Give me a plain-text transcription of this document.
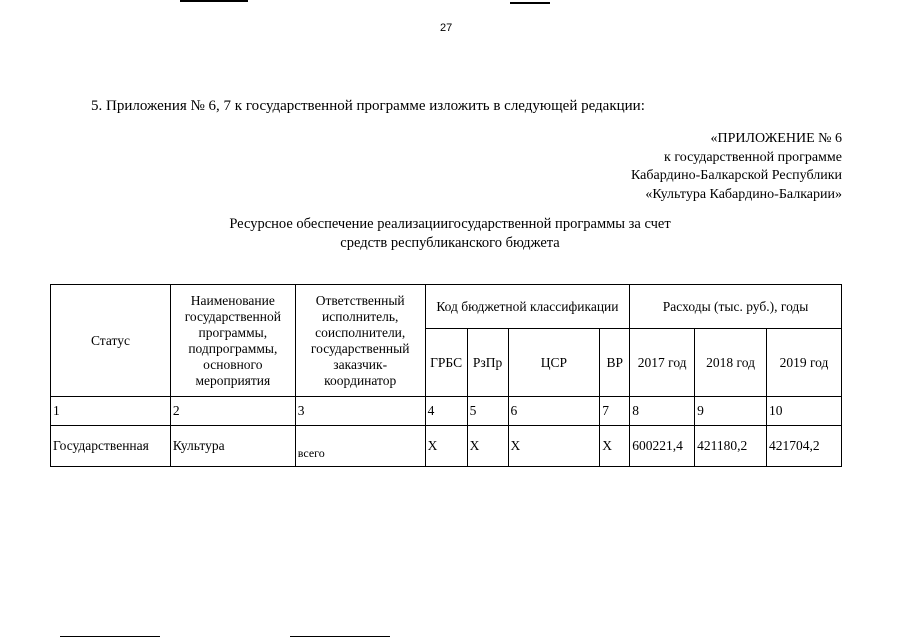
27
5. Приложения № 6, 7 к государственной программе изложить в следующей редакции:
«ПРИЛОЖЕНИЕ № 6
к государственной программе
Кабардино-Балкарской Республики
«Культура Кабардино-Балкарии»
Ресурсное обеспечение реализациигосударственной программы за счет
средств республиканского бюджета
Статус	Наименование государственной программы, подпрограммы, основного мероприятия	Ответственный исполнитель, соисполнители, государственный заказчик-координатор	Код бюджетной классификации				Расходы (тыс. руб.), годы		
			ГРБС	РзПр	ЦСР	ВР	2017 год	2018 год	2019 год
1	2	3	4	5	6	7	8	9	10
Государственная	Культура	всего	Х	Х	Х	Х	600221,4	421180,2	421704,2
